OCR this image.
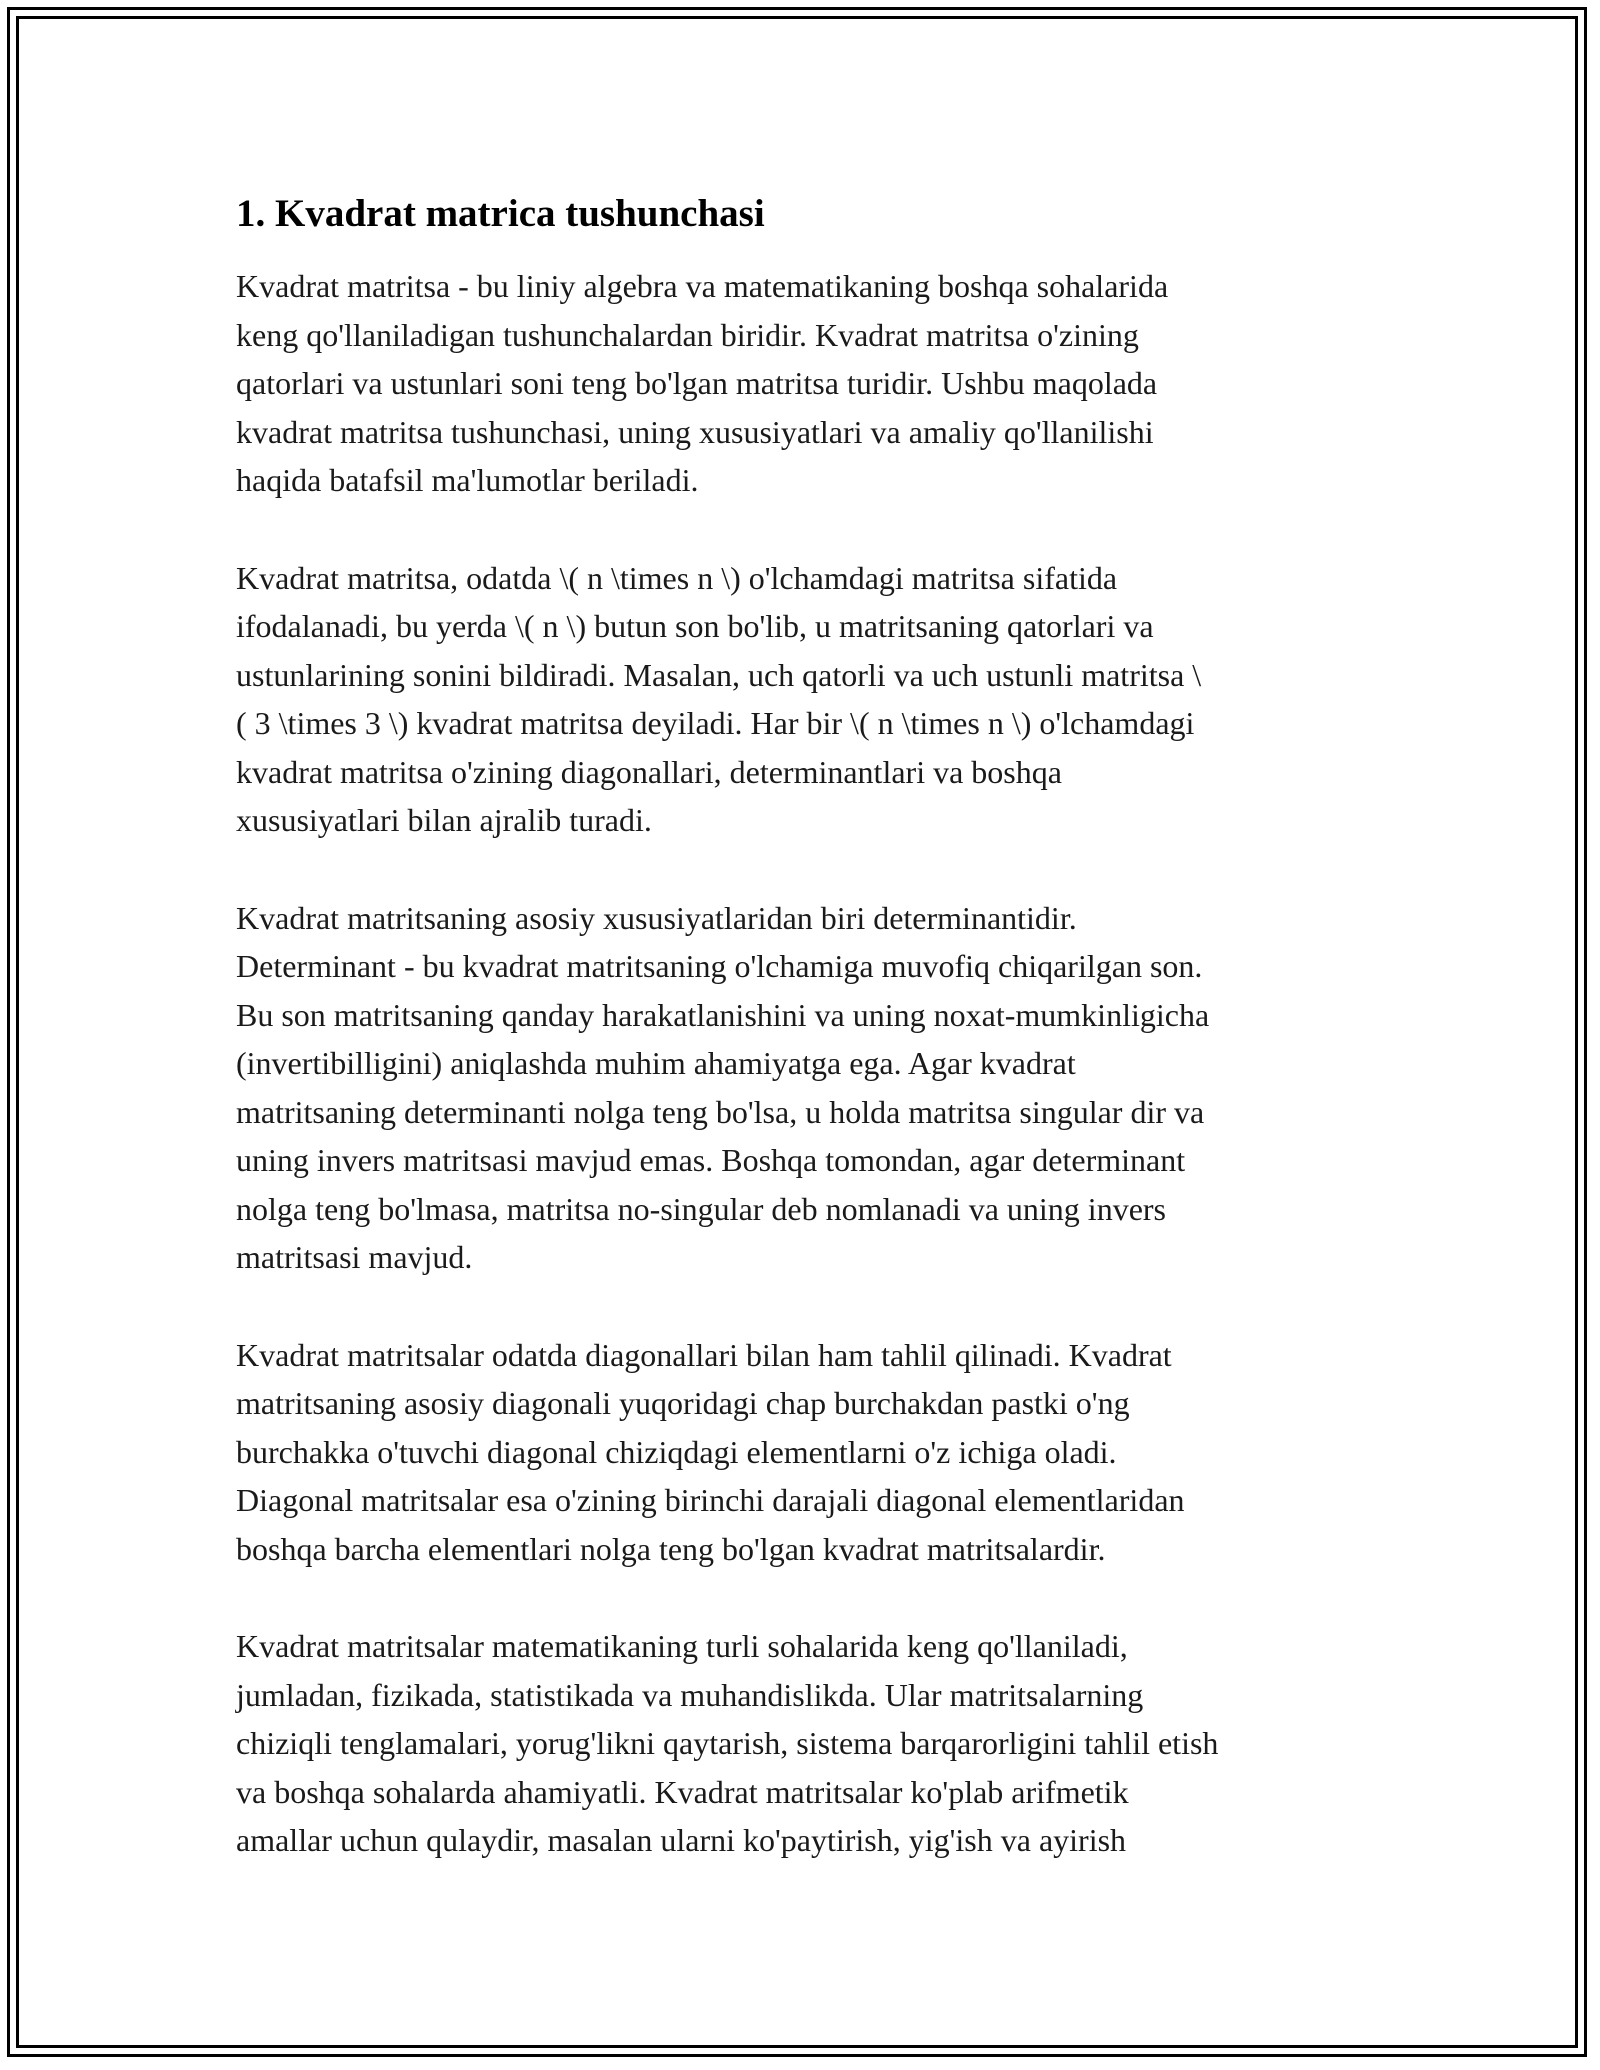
1. Kvadrat matrica tushunchasi

Kvadrat matritsa - bu liniy algebra va matematikaning boshqa sohalarida
keng qo'llaniladigan tushunchalardan biridir. Kvadrat matritsa o'zining
qatorlari va ustunlari soni teng bo'lgan matritsa turidir. Ushbu maqolada
kvadrat matritsa tushunchasi, uning xususiyatlari va amaliy qo'llanilishi
haqida batafsil ma'lumotlar beriladi.

Kvadrat matritsa, odatda \( n \times n \) o'lchamdagi matritsa sifatida
ifodalanadi, bu yerda \( n \) butun son bo'lib, u matritsaning qatorlari va
ustunlarining sonini bildiradi. Masalan, uch qatorli va uch ustunli matritsa \
( 3 \times 3 \) kvadrat matritsa deyiladi. Har bir \( n \times n \) o'lchamdagi
kvadrat matritsa o'zining diagonallari, determinantlari va boshqa
xususiyatlari bilan ajralib turadi.

Kvadrat matritsaning asosiy xususiyatlaridan biri determinantidir.
Determinant - bu kvadrat matritsaning o'lchamiga muvofiq chiqarilgan son.
Bu son matritsaning qanday harakatlanishini va uning noxat-mumkinligicha
(invertibilligini) aniqlashda muhim ahamiyatga ega. Agar kvadrat
matritsaning determinanti nolga teng bo'lsa, u holda matritsa singular dir va
uning invers matritsasi mavjud emas. Boshqa tomondan, agar determinant
nolga teng bo'lmasa, matritsa no-singular deb nomlanadi va uning invers
matritsasi mavjud.

Kvadrat matritsalar odatda diagonallari bilan ham tahlil qilinadi. Kvadrat
matritsaning asosiy diagonali yuqoridagi chap burchakdan pastki o'ng
burchakka o'tuvchi diagonal chiziqdagi elementlarni o'z ichiga oladi.
Diagonal matritsalar esa o'zining birinchi darajali diagonal elementlaridan
boshqa barcha elementlari nolga teng bo'lgan kvadrat matritsalardir.

Kvadrat matritsalar matematikaning turli sohalarida keng qo'llaniladi,
jumladan, fizikada, statistikada va muhandislikda. Ular matritsalarning
chiziqli tenglamalari, yorug'likni qaytarish, sistema barqarorligini tahlil etish
va boshqa sohalarda ahamiyatli. Kvadrat matritsalar ko'plab arifmetik
amallar uchun qulaydir, masalan ularni ko'paytirish, yig'ish va ayirish
